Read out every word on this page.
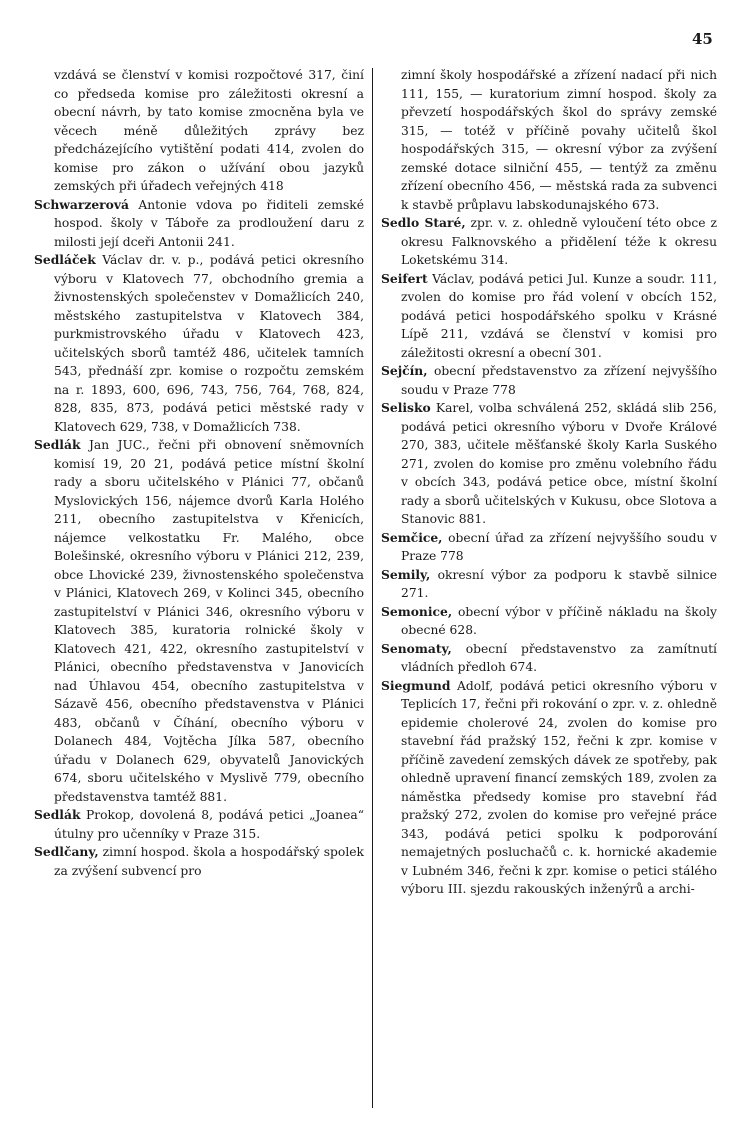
45

vzdává se členství v komisi rozpočtové 317, činí co předseda komise pro záležitosti okresní a obecní návrh, by tato komise zmocněna byla ve věcech méně důležitých zprávy bez předcházejícího vytištění podati 414, zvolen do komise pro zákon o užívání obou jazyků zemských při úřadech veřejných 418

Schwarzerová Antonie vdova po řiditeli zemské hospod. školy v Táboře za prodloužení daru z milosti její dceři Antonii 241.

Sedláček Václav dr. v. p., podává petici okresního výboru v Klatovech 77, obchodního gremia a živnostenských společenstev v Domažlicích 240, městského zastupitelstva v Klatovech 384, purkmistrovského úřadu v Klatovech 423, učitelských sborů tamtéž 486, učitelek tamních 543, přednáší zpr. komise o rozpočtu zemském na r. 1893, 600, 696, 743, 756, 764, 768, 824, 828, 835, 873, podává petici městské rady v Klatovech 629, 738, v Domažlicích 738.

Sedlák Jan JUC., řečni při obnovení sněmovních komisí 19, 20 21, podává petice místní školní rady a sboru učitelského v Plánici 77, občanů Myslovických 156, nájemce dvorů Karla Holého 211, obecního zastupitelstva v Křenicích, nájemce velkostatku Fr. Malého, obce Bolešinské, okresního výboru v Plánici 212, 239, obce Lhovické 239, živnostenského společenstva v Plánici, Klatovech 269, v Kolinci 345, obecního zastupitelství v Plánici 346, okresního výboru v Klatovech 385, kuratoria rolnické školy v Klatovech 421, 422, okresního zastupitelství v Plánici, obecního představenstva v Janovicích nad Úhlavou 454, obecního zastupitelstva v Sázavě 456, obecního představenstva v Plánici 483, občanů v Číhání, obecního výboru v Dolanech 484, Vojtěcha Jílka 587, obecního úřadu v Dolanech 629, obyvatelů Janovických 674, sboru učitelského v Myslivě 779, obecního představenstva tamtéž 881.

Sedlák Prokop, dovolená 8, podává petici „Joanea“ útulny pro učenníky v Praze 315.

Sedlčany, zimní hospod. škola a hospodářský spolek za zvýšení subvencí pro

zimní školy hospodářské a zřízení nadací při nich 111, 155, — kuratorium zimní hospod. školy za převzetí hospodářských škol do správy zemské 315, — totéž v příčině povahy učitelů škol hospodářských 315, — okresní výbor za zvýšení zemské dotace silniční 455, — tentýž za změnu zřízení obecního 456, — městská rada za subvenci k stavbě průplavu labskodunajského 673.

Sedlo Staré, zpr. v. z. ohledně vyloučení této obce z okresu Falknovského a přidělení téže k okresu Loketskému 314.

Seifert Václav, podává petici Jul. Kunze a soudr. 111, zvolen do komise pro řád volení v obcích 152, podává petici hospodářského spolku v Krásné Lípě 211, vzdává se členství v komisi pro záležitosti okresní a obecní 301.

Sejčín, obecní představenstvo za zřízení nejvyššího soudu v Praze 778

Selisko Karel, volba schválená 252, skládá slib 256, podává petici okresního výboru v Dvoře Králové 270, 383, učitele měšťanské školy Karla Suského 271, zvolen do komise pro změnu volebního řádu v obcích 343, podává petice obce, místní školní rady a sborů učitelských v Kukusu, obce Slotova a Stanovic 881.

Semčice, obecní úřad za zřízení nejvyššího soudu v Praze 778

Semily, okresní výbor za podporu k stavbě silnice 271.

Semonice, obecní výbor v příčině nákladu na školy obecné 628.

Senomaty, obecní představenstvo za zamítnutí vládních předloh 674.

Siegmund Adolf, podává petici okresního výboru v Teplicích 17, řečni při rokování o zpr. v. z. ohledně epidemie cholerové 24, zvolen do komise pro stavební řád pražský 152, řečni k zpr. komise v příčině zavedení zemských dávek ze spotřeby, pak ohledně upravení financí zemských 189, zvolen za náměstka předsedy komise pro stavební řád pražský 272, zvolen do komise pro veřejné práce 343, podává petici spolku k podporování nemajetných posluchačů c. k. hornické akademie v Lubném 346, řečni k zpr. komise o petici stálého výboru III. sjezdu rakouských inženýrů a archi-
